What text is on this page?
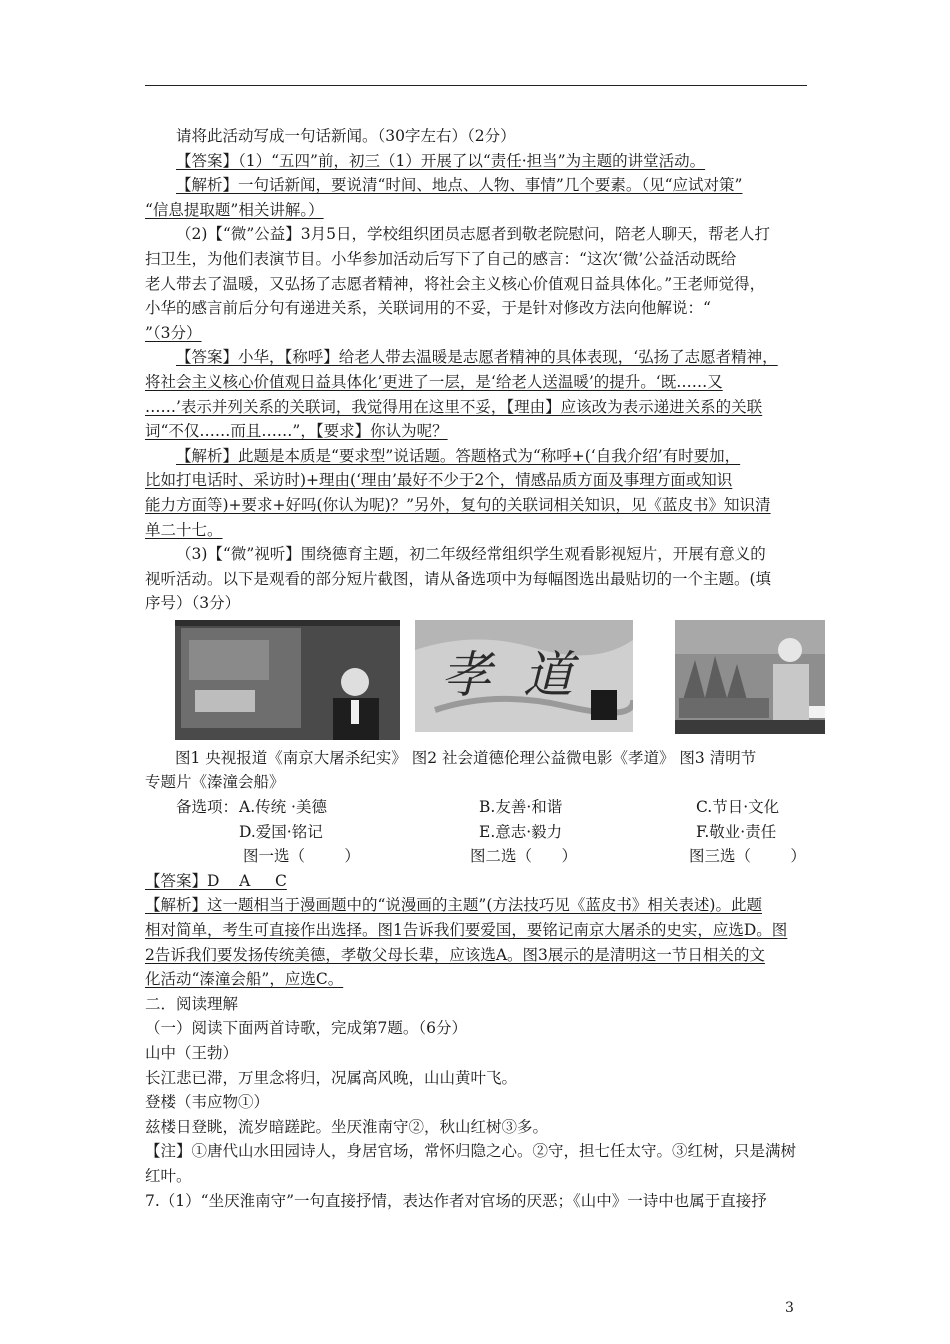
请将此活动写成一句话新闻。（30字左右）（2分）

【答案】（1）“五四”前，初三（1）开展了以“责任·担当”为主题的讲堂活动。

【解析】一句话新闻，要说清“时间、地点、人物、事情”几个要素。（见“应试对策”

“信息提取题”相关讲解。）

（2)【“微”公益】3月5日，学校组织团员志愿者到敬老院慰问，陪老人聊天，帮老人打

扫卫生，为他们表演节目。小华参加活动后写下了自己的感言：“这次‘微’公益活动既给

老人带去了温暖，又弘扬了志愿者精神，将社会主义核心价值观日益具体化。”王老师觉得，

小华的感言前后分句有递进关系，关联词用的不妥，于是针对修改方法向他解说：“

”（3分）

【答案】小华，【称呼】给老人带去温暖是志愿者精神的具体表现，‘弘扬了志愿者精神，

将社会主义核心价值观日益具体化’更进了一层，是‘给老人送温暖’的提升。‘既……又

……’表示并列关系的关联词，我觉得用在这里不妥，【理由】应该改为表示递进关系的关联

词“不仅……而且……”，【要求】你认为呢？

【解析】此题是本质是“要求型”说话题。答题格式为“称呼+(‘自我介绍’有时要加，

比如打电话时、采访时)+理由(‘理由’最好不少于2个，情感品质方面及事理方面或知识

能力方面等)+要求+好吗(你认为呢)？”另外，复句的关联词相关知识，见《蓝皮书》知识清

单二十七。

（3)【“微”视听】围绕德育主题，初二年级经常组织学生观看影视短片，开展有意义的

视听活动。以下是观看的部分短片截图，请从备选项中为每幅图选出最贴切的一个主题。(填

序号）（3分）

孝道

图1 央视报道《南京大屠杀纪实》 图2 社会道德伦理公益微电影《孝道》 图3 清明节

专题片《溱潼会船》

备选项： A.传统 ·美德	B.友善·和谐	C.节日·文化
D.爱国·铭记	E.意志·毅力	F.敬业·责任
图一选（        ）	图二选（      ）	图三选（        ）

【答案】D    A     C

【解析】这一题相当于漫画题中的“说漫画的主题”(方法技巧见《蓝皮书》相关表述)。此题

相对简单，考生可直接作出选择。图1告诉我们要爱国，要铭记南京大屠杀的史实，应选D。图

2告诉我们要发扬传统美德，孝敬父母长辈，应该选A。图3展示的是清明这一节日相关的文

化活动“溱潼会船”，应选C。

二．阅读理解

（一）阅读下面两首诗歌，完成第7题。（6分）

山中（王勃）

长江悲已滞，万里念将归，况属高风晚，山山黄叶飞。

登楼（韦应物①）

兹楼日登眺，流岁暗蹉跎。坐厌淮南守②，秋山红树③多。

【注】①唐代山水田园诗人，身居官场，常怀归隐之心。②守，担七任太守。③红树，只是满树

红叶。

7.（1）“坐厌淮南守”一句直接抒情，表达作者对官场的厌恶；《山中》一诗中也属于直接抒

3
